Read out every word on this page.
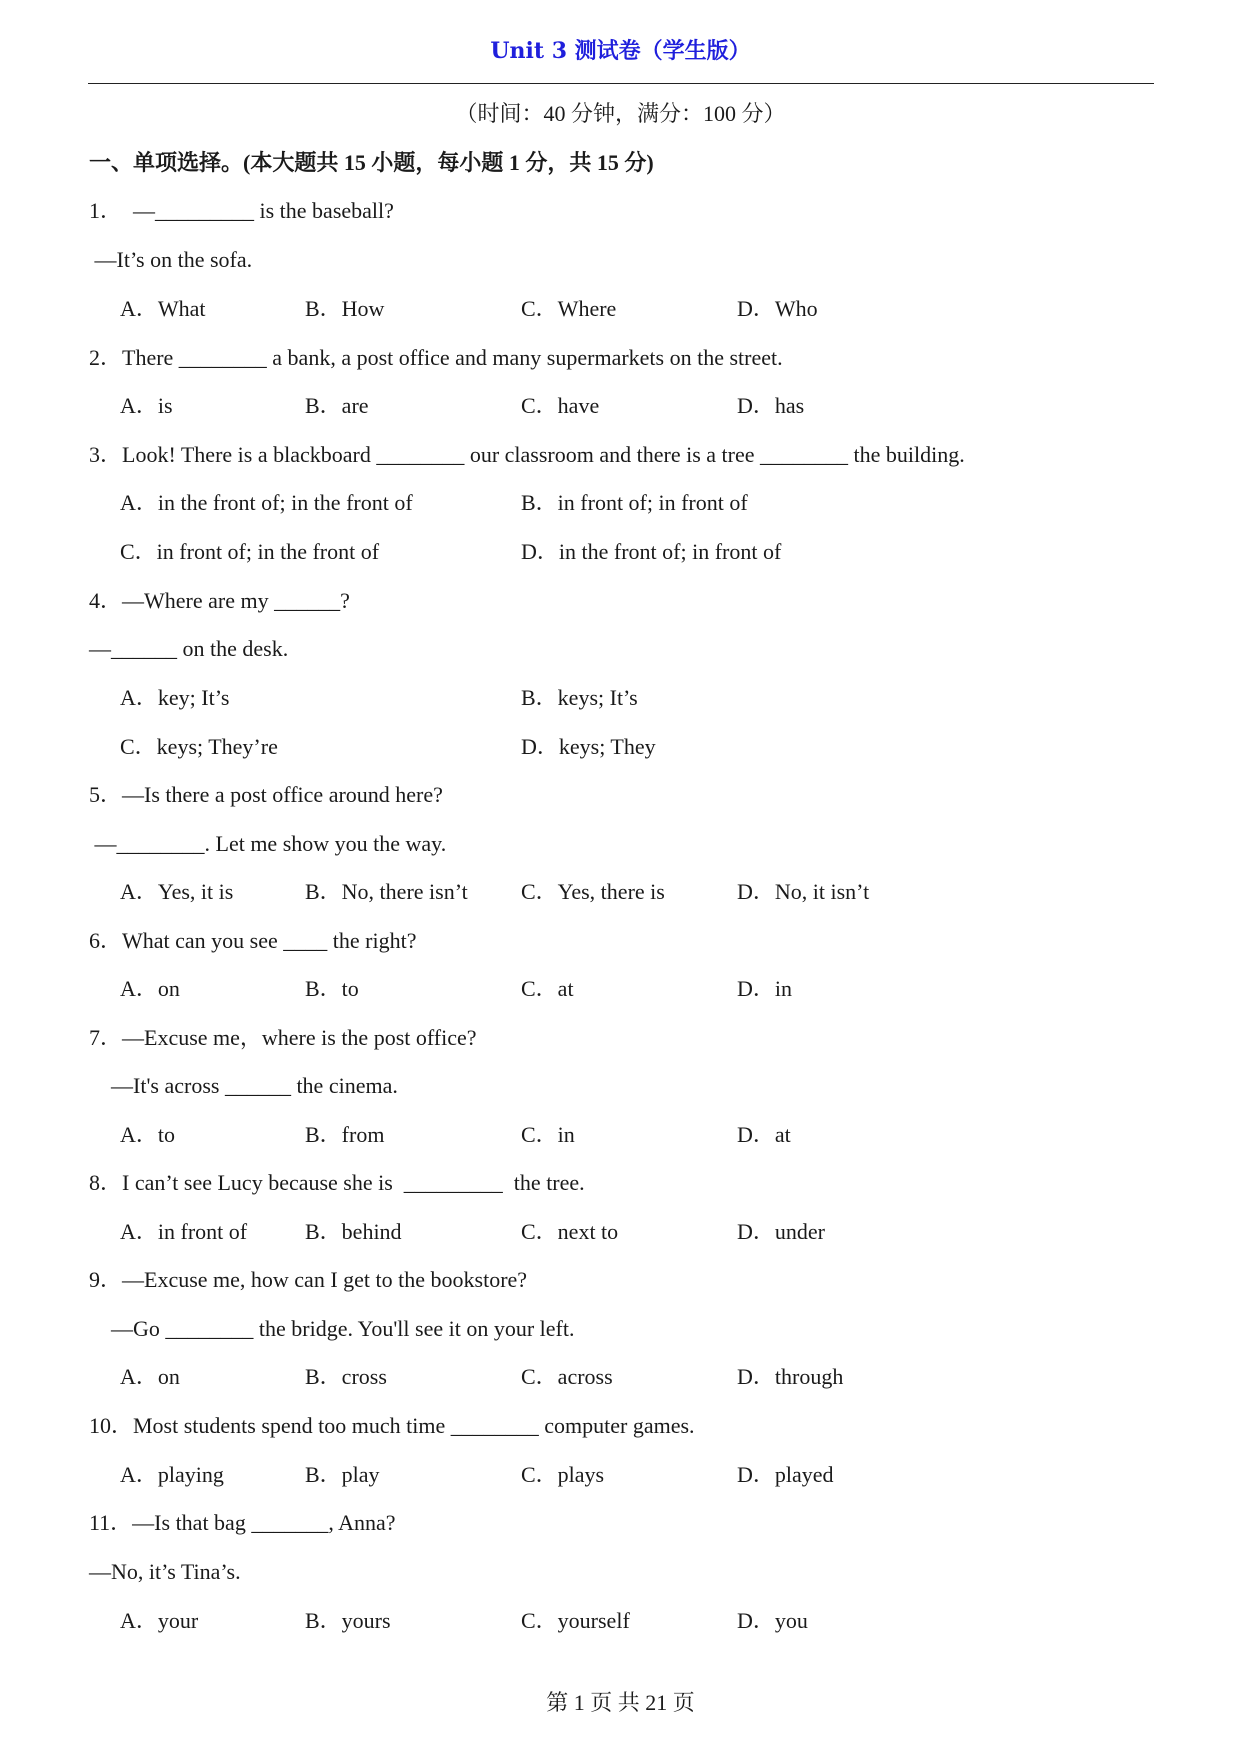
Unit 3 测试卷（学生版）
（时间：40 分钟，满分：100 分）
一、单项选择。(本大题共 15 小题，每小题 1 分，共 15 分)
1．  —_________ is the baseball?
—It’s on the sofa.
A．What	B．How	C．Where	D．Who
2．There ________ a bank, a post office and many supermarkets on the street.
A．is	B．are	C．have	D．has
3．Look! There is a blackboard ________ our classroom and there is a tree ________ the building.
A．in the front of; in the front of	B．in front of; in front of
C．in front of; in the front of	D．in the front of; in front of
4．—Where are my ______?
—______ on the desk.
A．key; It’s	B．keys; It’s
C．keys; They’re	D．keys; They
5．—Is there a post office around here?
—________. Let me show you the way.
A．Yes, it is	B．No, there isn’t C．Yes, there is	D．No, it isn’t
6．What can you see ____ the right?
A．on	B．to	C．at	D．in
7．—Excuse me，where is the post office?
—It's across ______ the cinema.
A．to	B．from	C．in	D．at
8．I can’t see Lucy because she is  _________  the tree.
A．in front of	B．behind	C．next to	D．under
9．—Excuse me, how can I get to the bookstore?
—Go ________ the bridge. You'll see it on your left.
A．on	B．cross	C．across	D．through
10．Most students spend too much time ________ computer games.
A．playing	B．play	C．plays	D．played
11．—Is that bag _______, Anna?
—No, it’s Tina’s.
A．your	B．yours	C．yourself	D．you
第 1 页 共 21 页
